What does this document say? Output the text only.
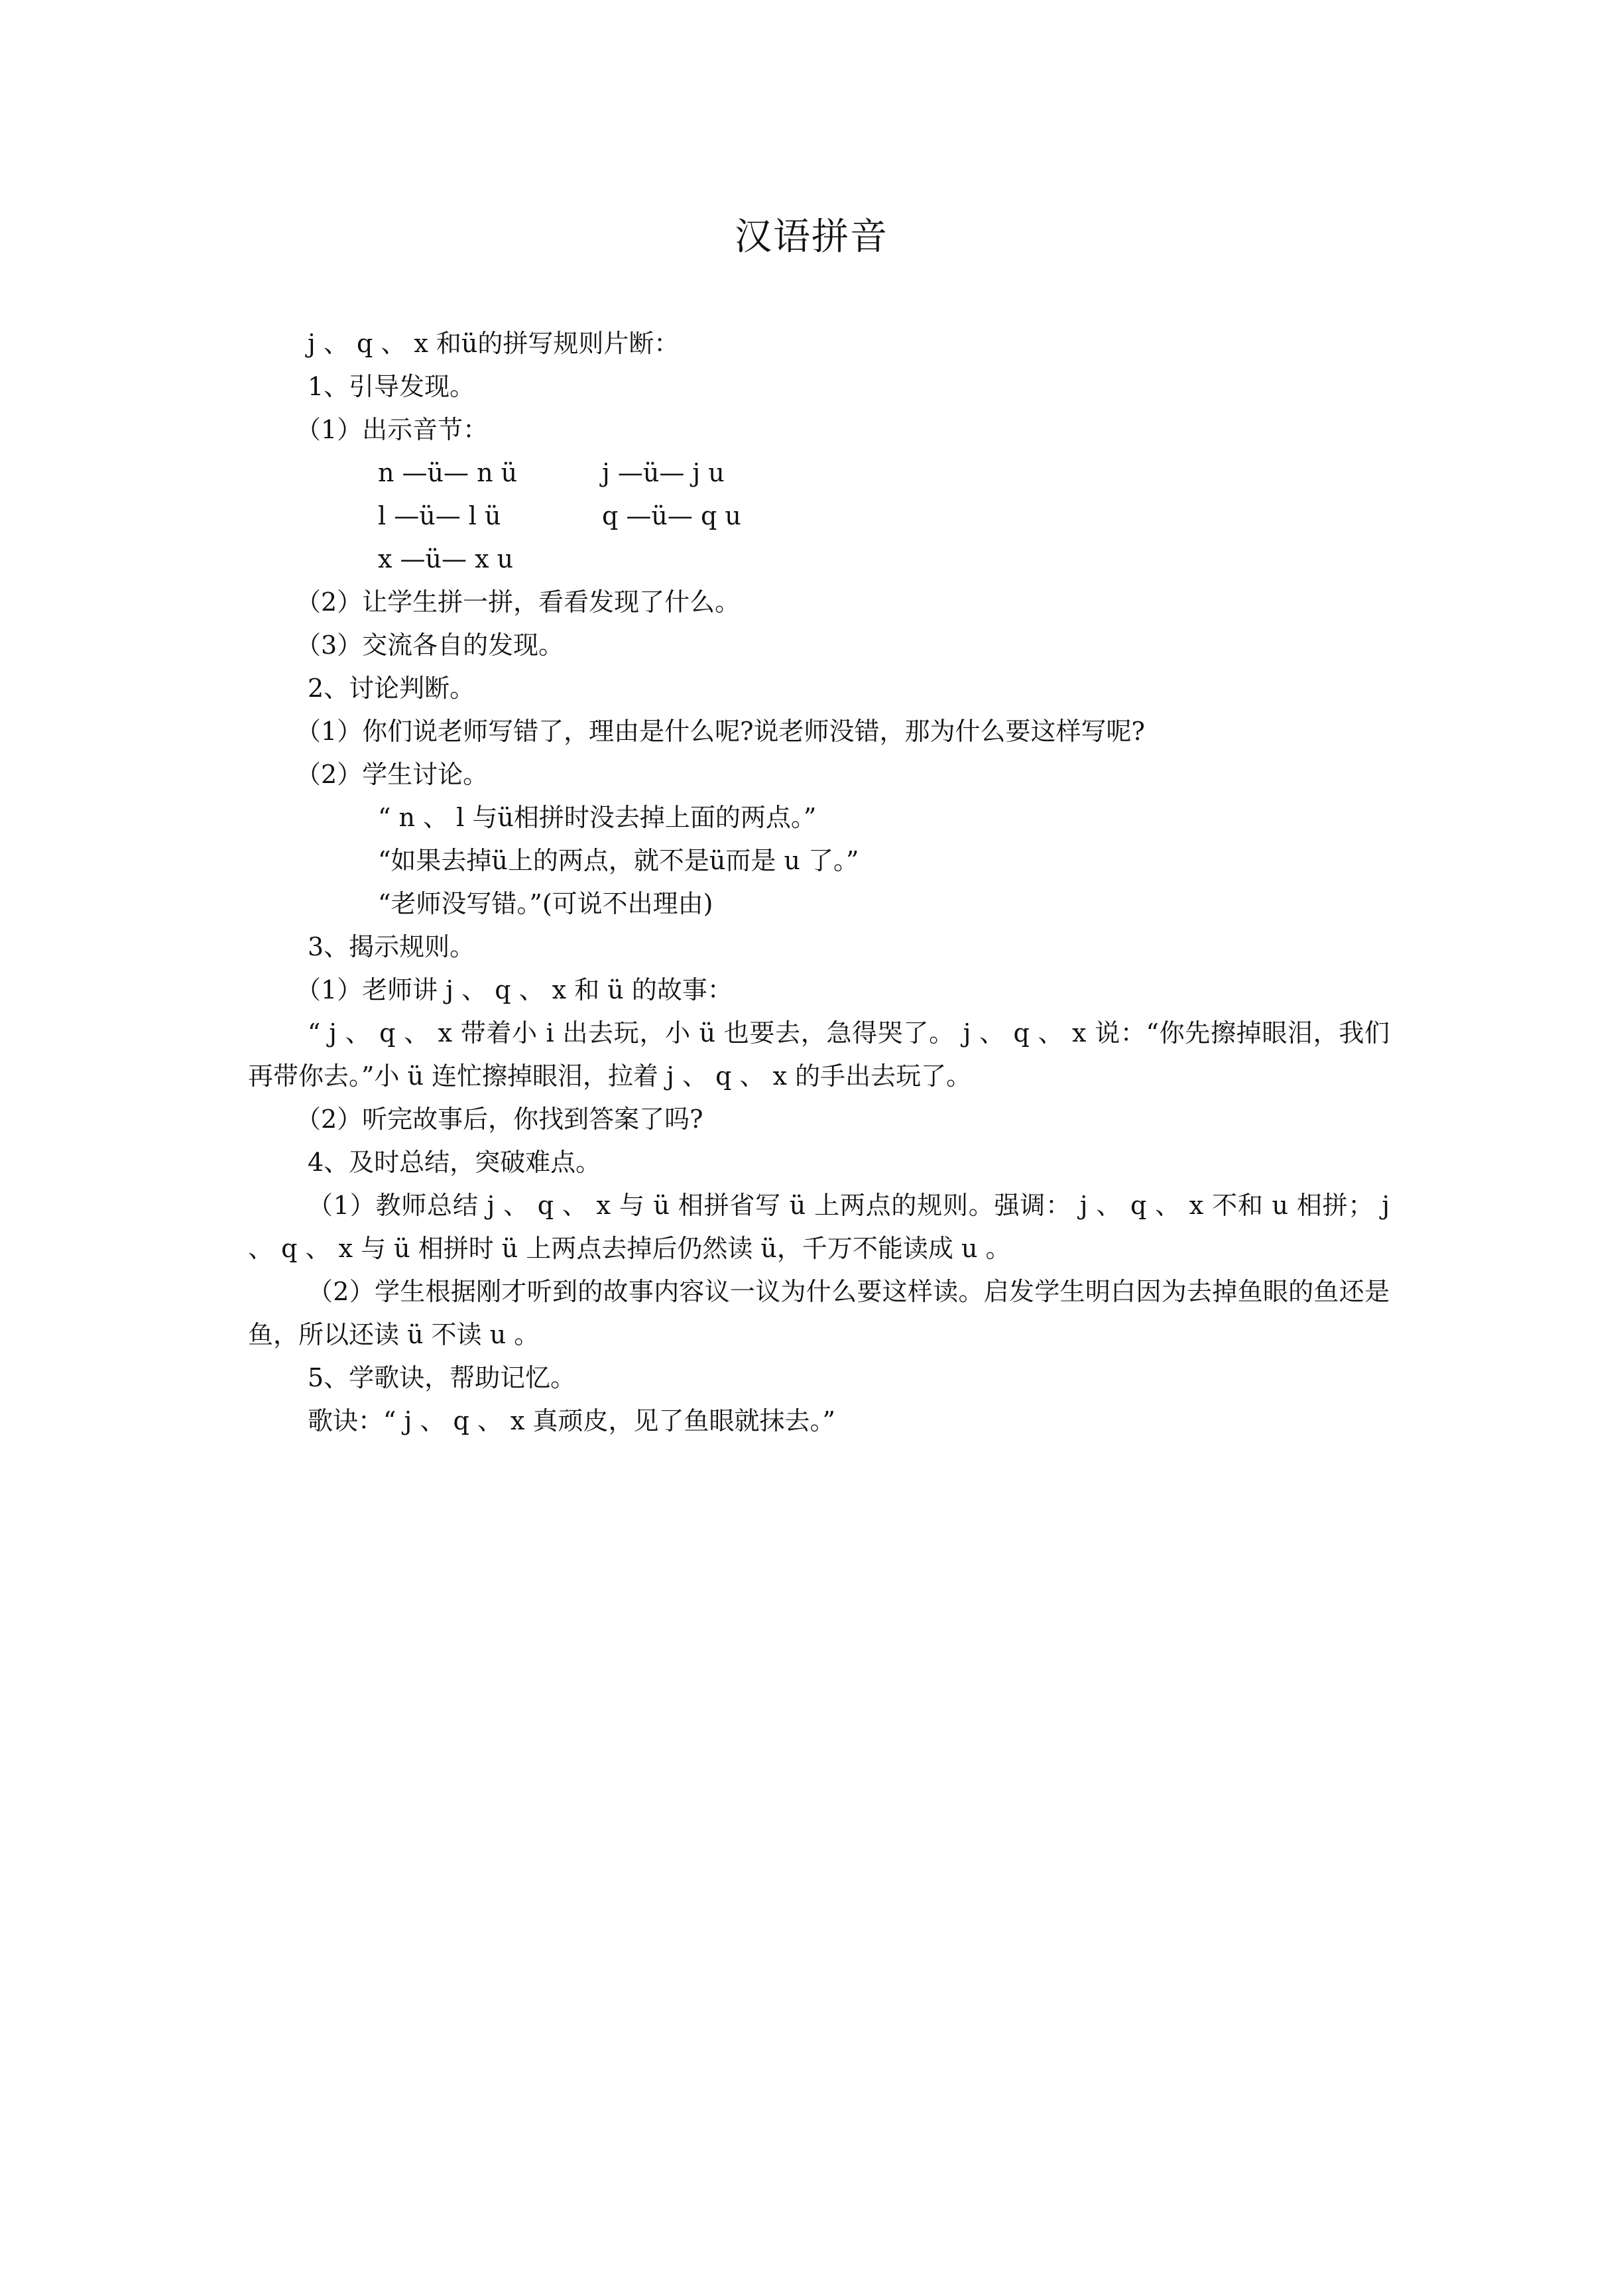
汉语拼音

j 、 q 、 x 和ü的拼写规则片断：

1、引导发现。

（1）出示音节：

n —ü— n ü	j —ü— j u

l —ü— l ü	q —ü— q u

x —ü— x u

（2）让学生拼一拼，看看发现了什么。

（3）交流各自的发现。

2、讨论判断。

（1）你们说老师写错了，理由是什么呢?说老师没错，那为什么要这样写呢?

（2）学生讨论。

“ n 、 l 与ü相拼时没去掉上面的两点。”

“如果去掉ü上的两点，就不是ü而是 u 了。”

“老师没写错。”(可说不出理由)

3、揭示规则。

（1）老师讲 j 、 q 、 x 和 ü 的故事：

“ j 、 q 、 x 带着小 i 出去玩，小 ü 也要去，急得哭了。 j 、 q 、 x 说：“你先擦掉眼泪，我们再带你去。”小 ü 连忙擦掉眼泪，拉着 j 、 q 、 x 的手出去玩了。

（2）听完故事后，你找到答案了吗?

4、及时总结，突破难点。

（1）教师总结 j 、 q 、 x 与 ü 相拼省写 ü 上两点的规则。强调： j 、 q 、 x 不和 u 相拼； j 、 q 、 x 与 ü 相拼时 ü 上两点去掉后仍然读 ü，千万不能读成 u 。

（2）学生根据刚才听到的故事内容议一议为什么要这样读。启发学生明白因为去掉鱼眼的鱼还是鱼，所以还读 ü 不读 u 。

5、学歌诀，帮助记忆。

歌诀：“ j 、 q 、 x 真顽皮，见了鱼眼就抹去。”
